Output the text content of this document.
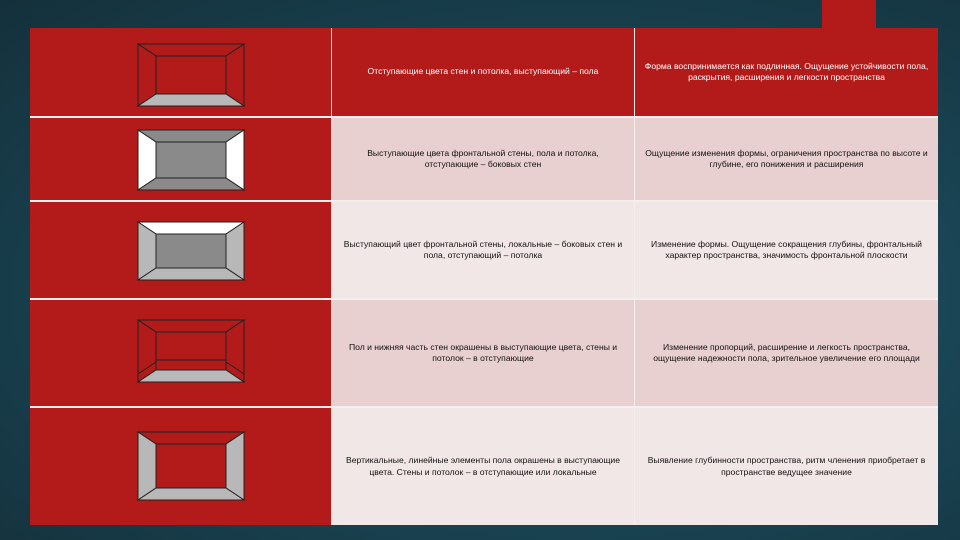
Отступающие цвета стен и потолка, выступающий – пола
Форма воспринимается как подлинная. Ощущение устойчивости пола, раскрытия, расширения и легкости пространства
Выступающие цвета фронтальной стены, пола и потолка, отступающие – боковых стен
Ощущение изменения формы, ограничения пространства по высоте и глубине, его понижения и расширения
Выступающий цвет фронтальной стены, локальные – боковых стен и пола, отступающий – потолка
Изменение формы. Ощущение сокращения глубины, фронтальный характер пространства, значимость фронтальной плоскости
Пол и нижняя часть стен окрашены в выступающие цвета, стены и потолок – в отступающие
Изменение пропорций, расширение и легкость пространства, ощущение надежности пола, зрительное увеличение его площади
Вертикальные, линейные элементы пола окрашены в выступающие цвета. Стены и потолок – в отступающие или локальные
Выявление глубинности пространства, ритм членения приобретает в пространстве ведущее значение
